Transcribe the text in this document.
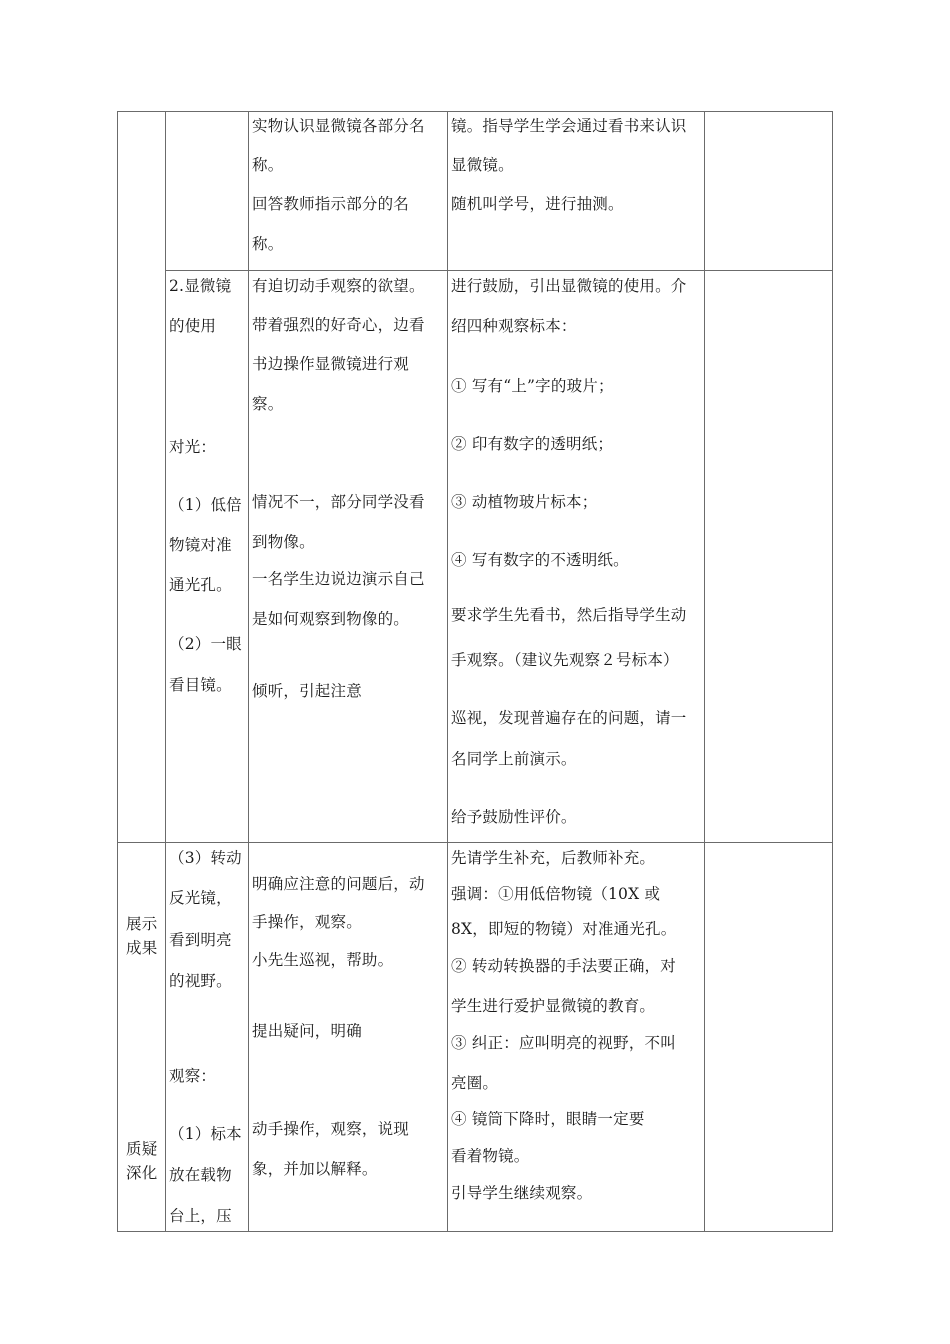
实物认识显微镜各部分名
称。
回答教师指示部分的名
称。
镜。指导学生学会通过看书来认识
显微镜。
随机叫学号，进行抽测。
2.显微镜
的使用
对光：
（1）低倍
物镜对准
通光孔。
（2）一眼
看目镜。
有迫切动手观察的欲望。
带着强烈的好奇心，边看
书边操作显微镜进行观
察。
情况不一，部分同学没看
到物像。
一名学生边说边演示自己
是如何观察到物像的。
倾听，引起注意
进行鼓励，引出显微镜的使用。介
绍四种观察标本：
① 写有“上”字的玻片；
② 印有数字的透明纸；
③ 动植物玻片标本；
④ 写有数字的不透明纸。
要求学生先看书，然后指导学生动
手观察。（建议先观察２号标本）
巡视，发现普遍存在的问题，请一
名同学上前演示。
给予鼓励性评价。
展示
成果
质疑
深化
（3）转动
反光镜，
看到明亮
的视野。
观察：
（1）标本
放在载物
台上，压
明确应注意的问题后，动
手操作，观察。
小先生巡视，帮助。
提出疑问，明确
动手操作，观察，说现
象，并加以解释。
先请学生补充，后教师补充。
强调：①用低倍物镜（10X 或
8X，即短的物镜）对准通光孔。
② 转动转换器的手法要正确，对
学生进行爱护显微镜的教育。
③ 纠正：应叫明亮的视野，不叫
亮圈。
④ 镜筒下降时，眼睛一定要
看着物镜。
引导学生继续观察。
